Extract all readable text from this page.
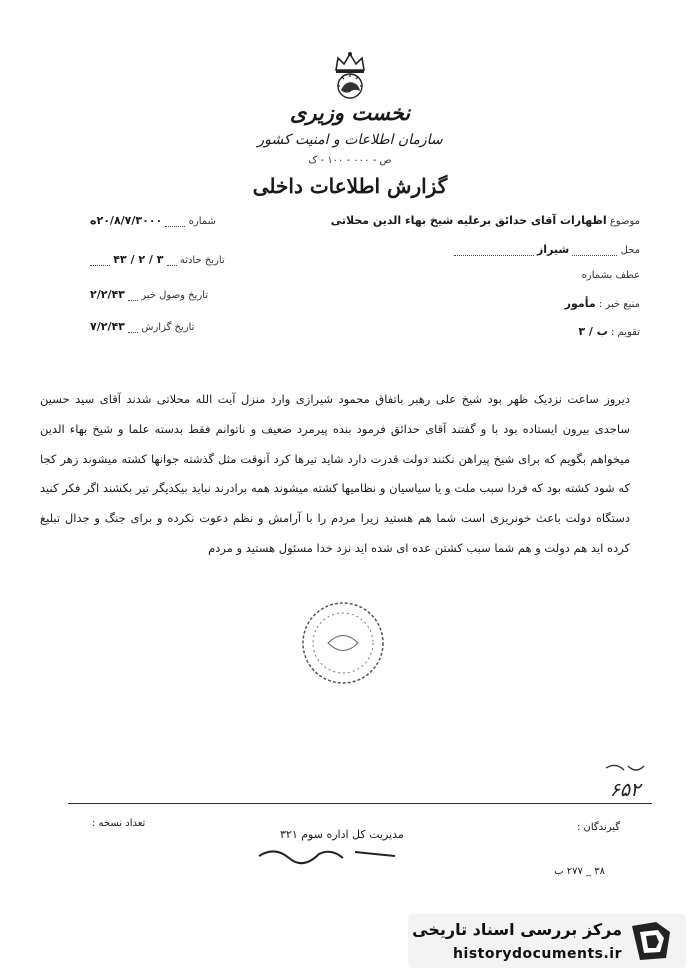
نخست وزیری
سازمان اطلاعات و امنیت کشور
ص - ۰۰۰ - ۱۰۰ - ک
گزارش اطلاعات داخلی
موضوع اظهارات آقای حدائق برعلیه شیخ بهاء الدین محلاتی
محل  شیراز
عطف بشماره
منبع خبر : مأمور
تقویم : ب / ۳
شماره  ۲۰/۸/۷/۳۰۰۰ه
تاریخ حادثه  ۳ / ۲ / ۴۳
تاریخ وصول خبر  ۲/۲/۴۳
تاریخ گزارش  ۷/۲/۴۳
دیروز ساعت نزدیک ظهر بود شیخ علی رهبر باتفاق محمود شیرازی وارد منزل آیت الله محلاتی شدند آقای سید حسین ساجدی بیرون ایستاده بود با و گفتند آقای حدائق فرمود بنده پیرمرد ضعیف و ناتوانم فقط بدسته علما و شیخ بهاء الدین میخواهم بگویم که برای شیخ پیراهن نکنند دولت قدرت دارد شاید تیرها کرد آنوقت مثل گذشته جوانها کشته میشوند زهر کجا که شود کشته بود که فردا سبب ملت و یا سیاسیان و نظامیها کشته میشوند همه برادرند نباید بیکدیگر تیر بکشند اگر فکر کنید دستگاه دولت باعث خونریزی است شما هم هستید زیرا مردم را با آرامش و نظم دعوت نکرده و برای جنگ و جدال تبلیغ کرده اید هم دولت و هم شما سبب کشتن عده ای شده اید نزد خدا مسئول هستید و مردم
۶۵۲
گیرندگان :
مدیریت کل اداره سوم ۳۲۱
تعداد نسخه :
۳۸ _ ۲۷۷ ب
مرکز بررسی اسناد تاریخی
historydocuments.ir
